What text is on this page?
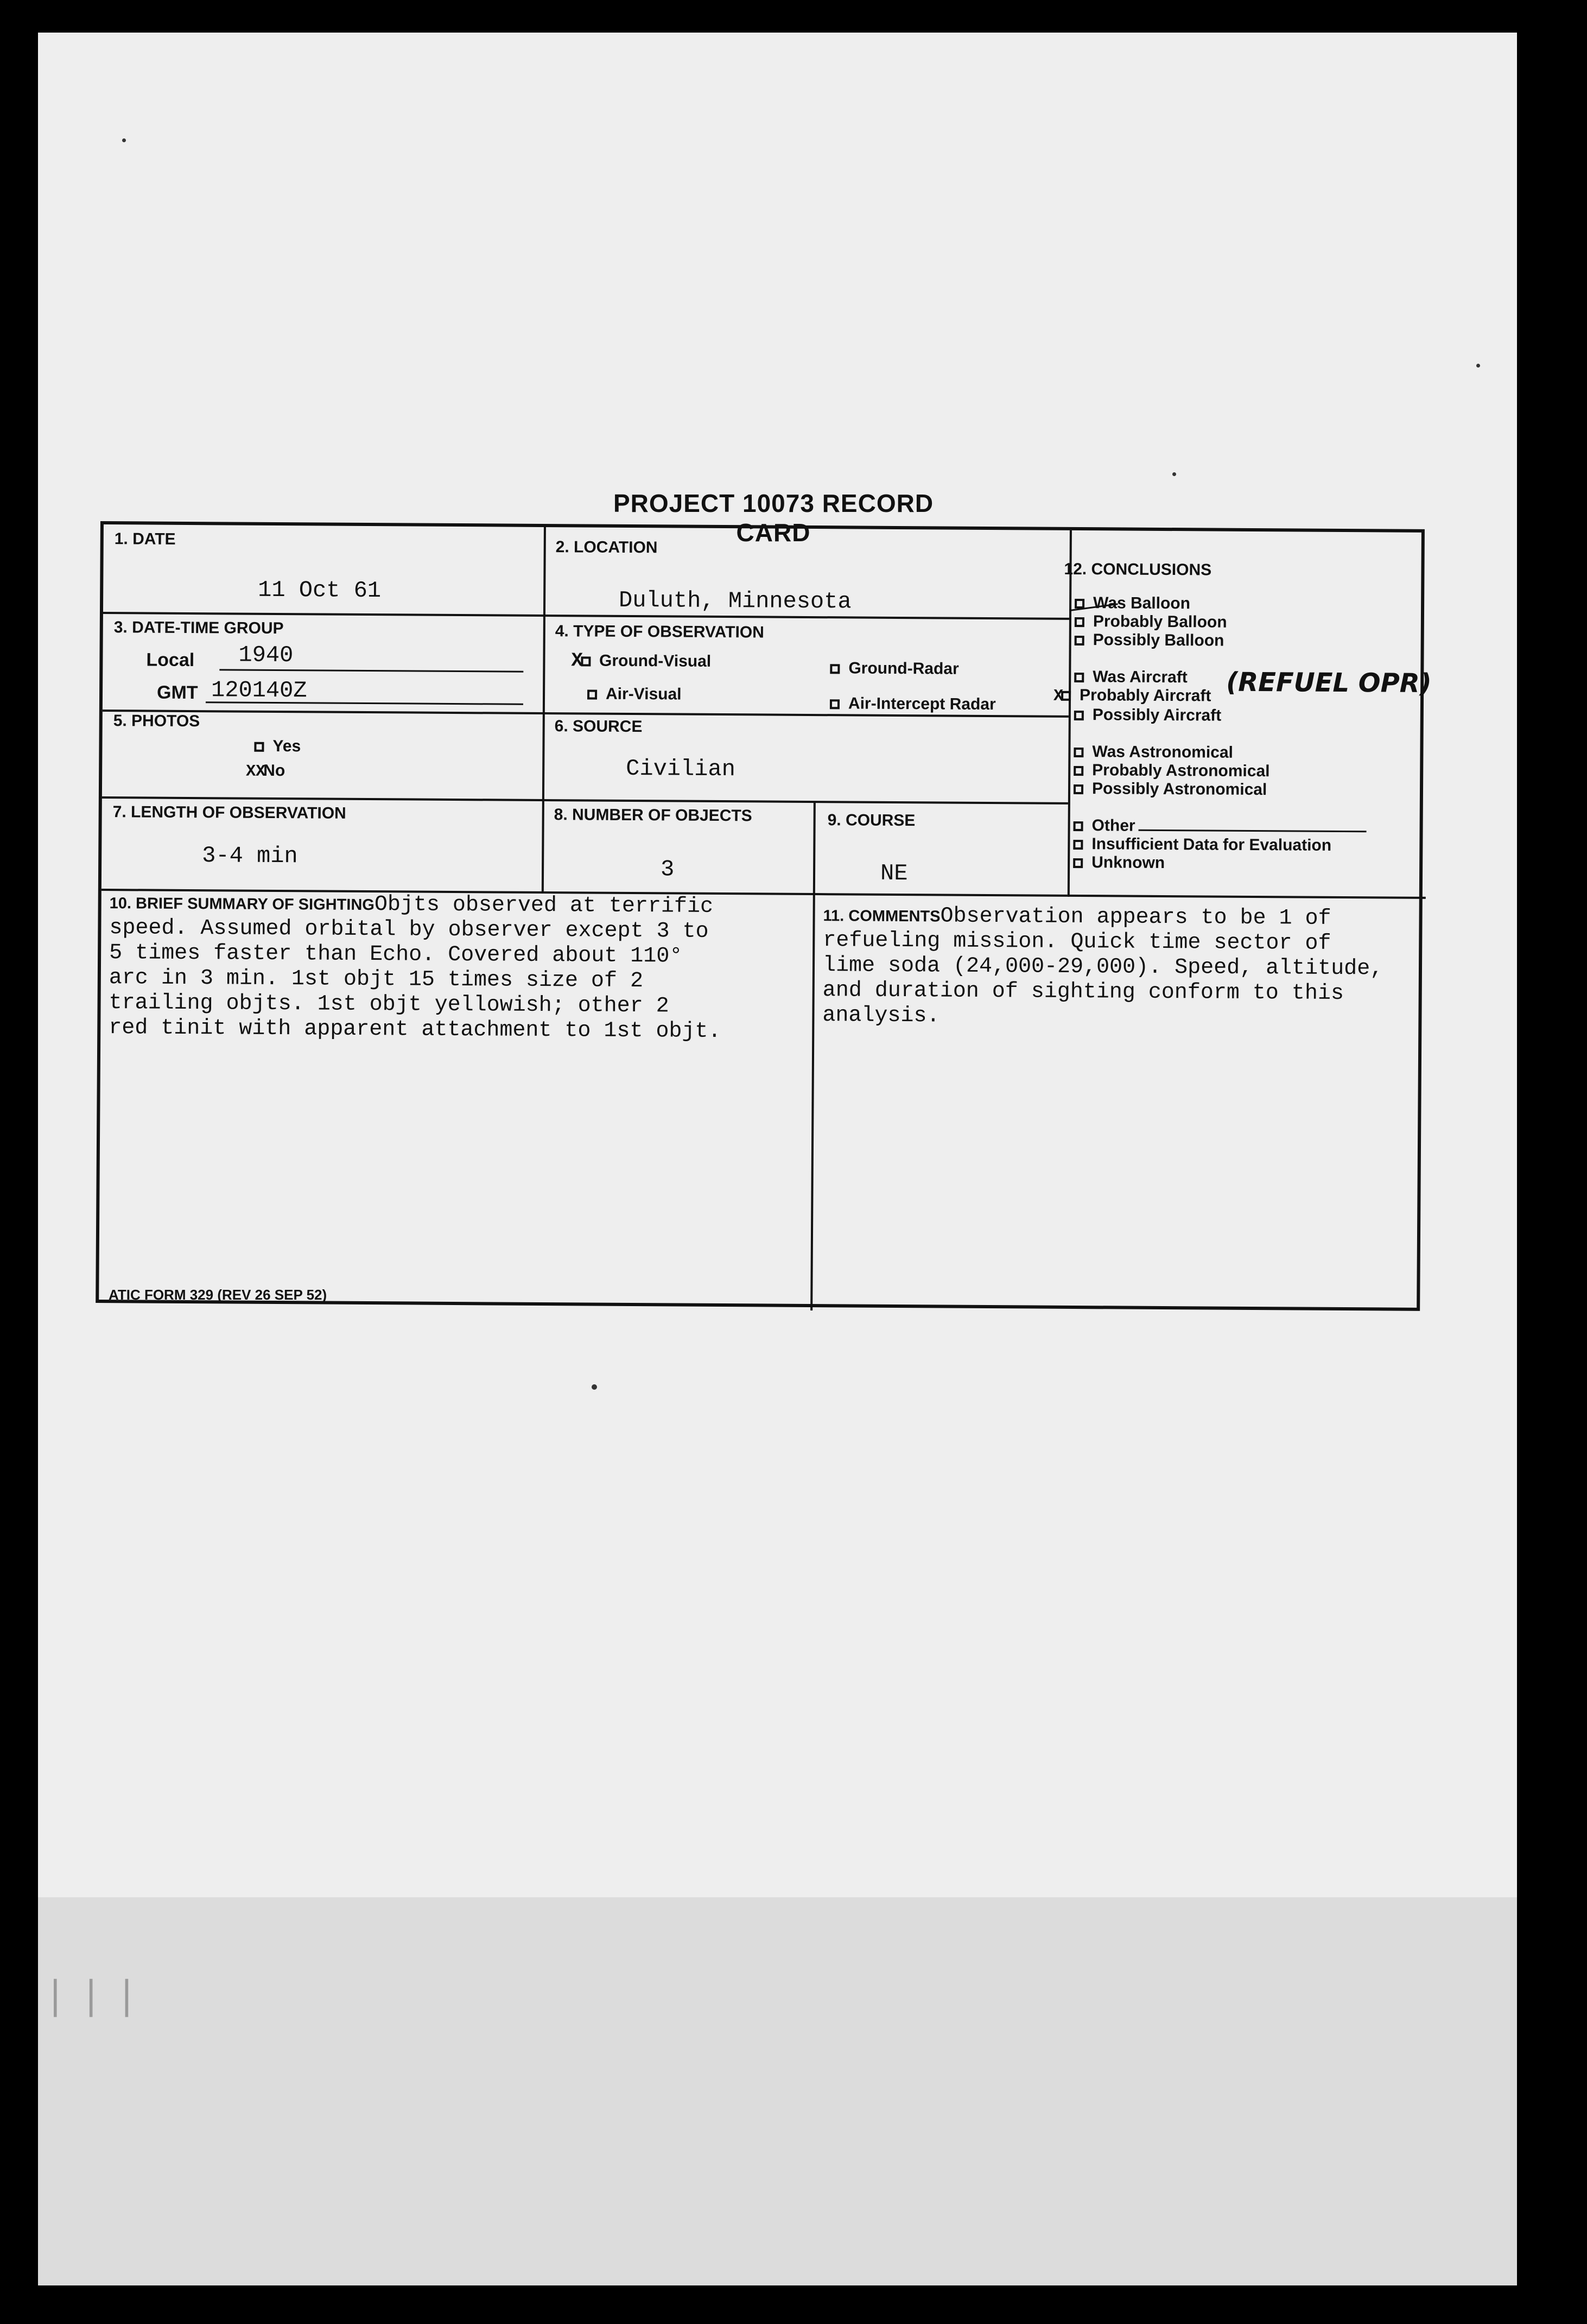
| | |
PROJECT 10073 RECORD CARD
1. DATE
11 Oct 61
2. LOCATION
Duluth, Minnesota
3. DATE-TIME GROUP
Local 1940
GMT 120140Z
4. TYPE OF OBSERVATION
X Ground-Visual	Ground-Radar
Air-Visual
Air-Intercept Radar
5. PHOTOS
Yes
XXNo
6. SOURCE
Civilian
7. LENGTH OF OBSERVATION
3-4 min
8. NUMBER OF OBJECTS
3
9. COURSE
NE
12. CONCLUSIONS
Was Balloon
Probably Balloon
Possibly Balloon
Was Aircraft
X Probably Aircraft
Possibly Aircraft
Was Astronomical
Probably Astronomical
Possibly Astronomical
Other
Insufficient Data for Evaluation
Unknown
(REFUEL OPR)
10. BRIEF SUMMARY OF SIGHTINGObjts observed at terrific
speed. Assumed orbital by observer except 3 to
5 times faster than Echo. Covered about 110°
arc in 3 min. 1st objt 15 times size of 2
trailing objts. 1st objt yellowish; other 2
red tinit with apparent attachment to 1st objt.
11. COMMENTSObservation appears to be 1 of
refueling mission. Quick time sector of
lime soda (24,000-29,000). Speed, altitude,
and duration of sighting conform to this
analysis.
ATIC FORM 329 (REV 26 SEP 52)
